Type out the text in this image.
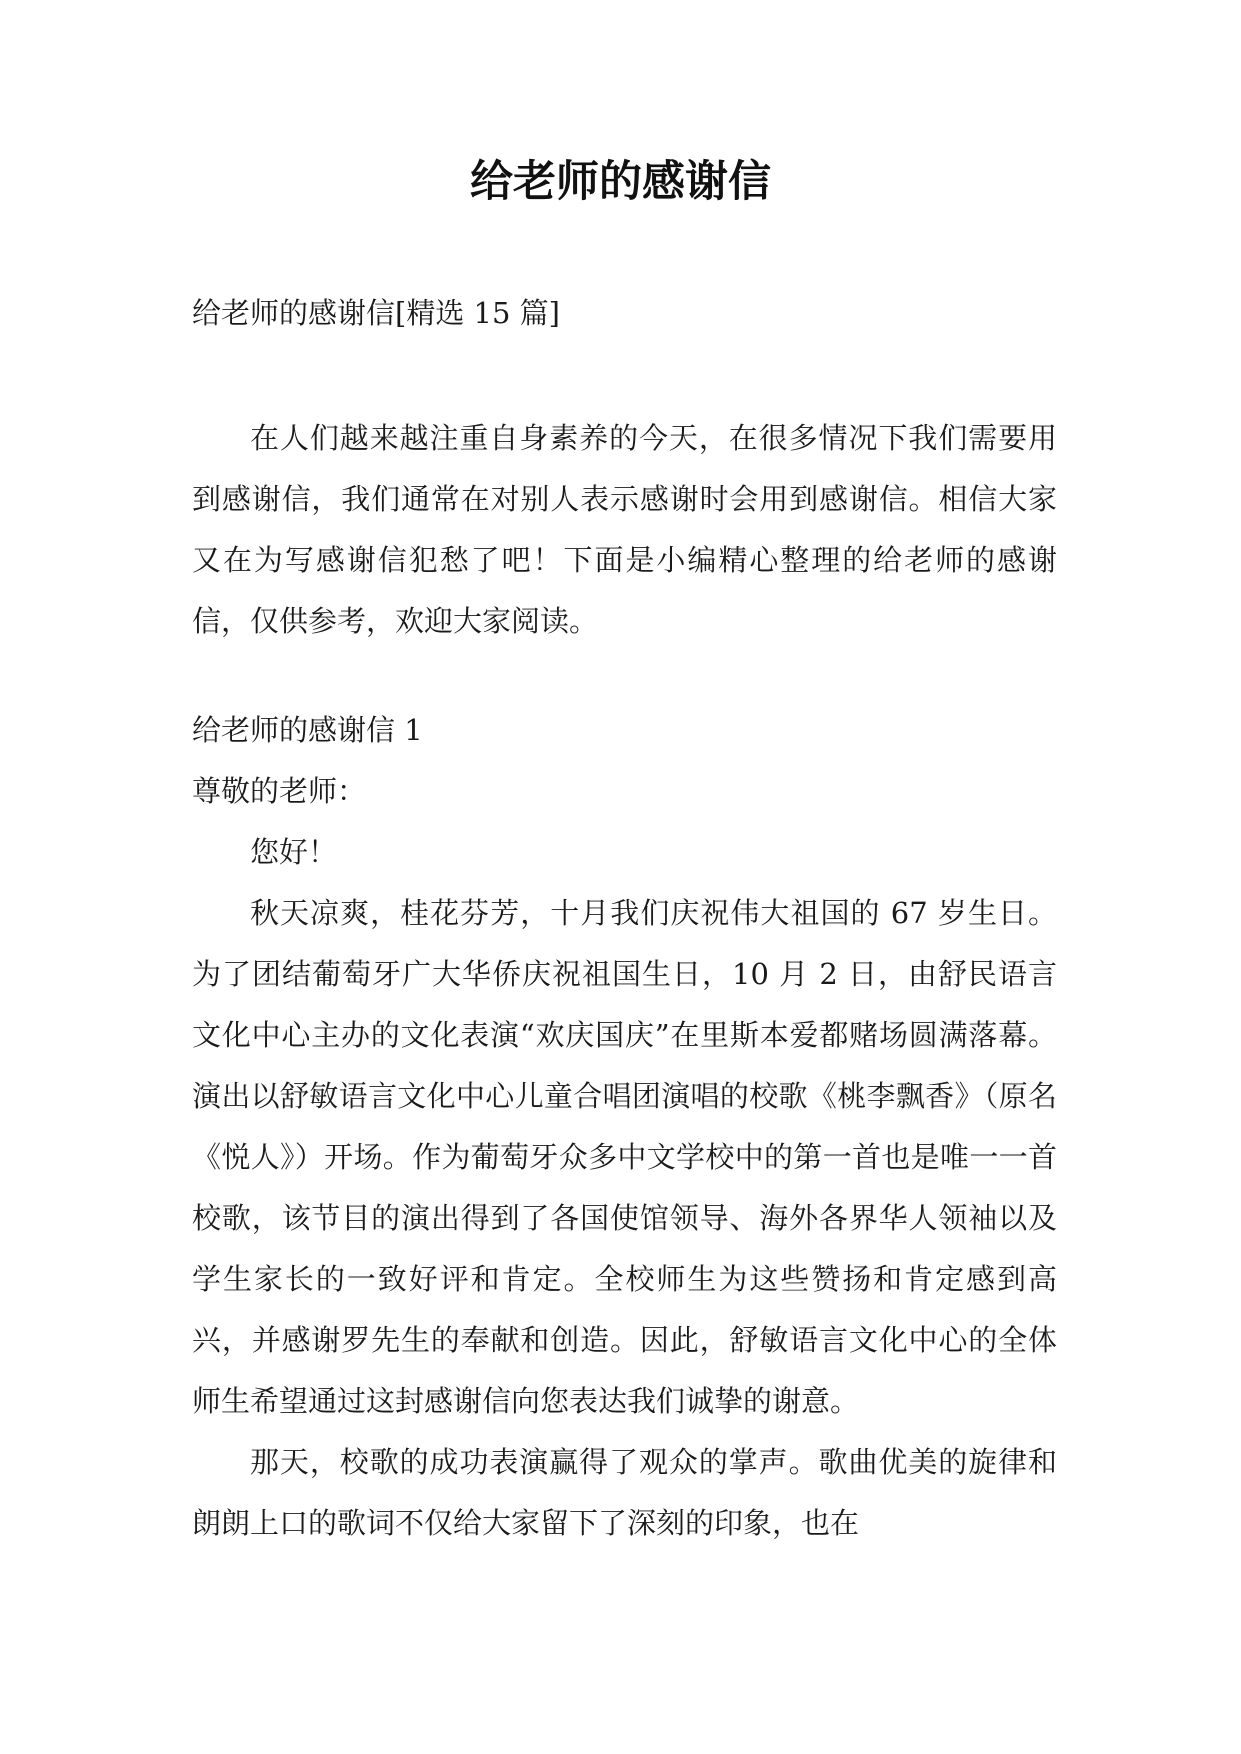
给老师的感谢信
给老师的感谢信[精选 15 篇]

在人们越来越注重自身素养的今天，在很多情况下我们需要用到感谢信，我们通常在对别人表示感谢时会用到感谢信。相信大家又在为写感谢信犯愁了吧！下面是小编精心整理的给老师的感谢信，仅供参考，欢迎大家阅读。

给老师的感谢信 1
尊敬的老师：
您好！

秋天凉爽，桂花芬芳，十月我们庆祝伟大祖国的 67 岁生日。为了团结葡萄牙广大华侨庆祝祖国生日，10 月 2 日，由舒民语言文化中心主办的文化表演“欢庆国庆”在里斯本爱都赌场圆满落幕。演出以舒敏语言文化中心儿童合唱团演唱的校歌《桃李飘香》（原名《悦人》）开场。作为葡萄牙众多中文学校中的第一首也是唯一一首校歌，该节目的演出得到了各国使馆领导、海外各界华人领袖以及学生家长的一致好评和肯定。全校师生为这些赞扬和肯定感到高兴，并感谢罗先生的奉献和创造。因此，舒敏语言文化中心的全体师生希望通过这封感谢信向您表达我们诚挚的谢意。

那天，校歌的成功表演赢得了观众的掌声。歌曲优美的旋律和朗朗上口的歌词不仅给大家留下了深刻的印象，也在
